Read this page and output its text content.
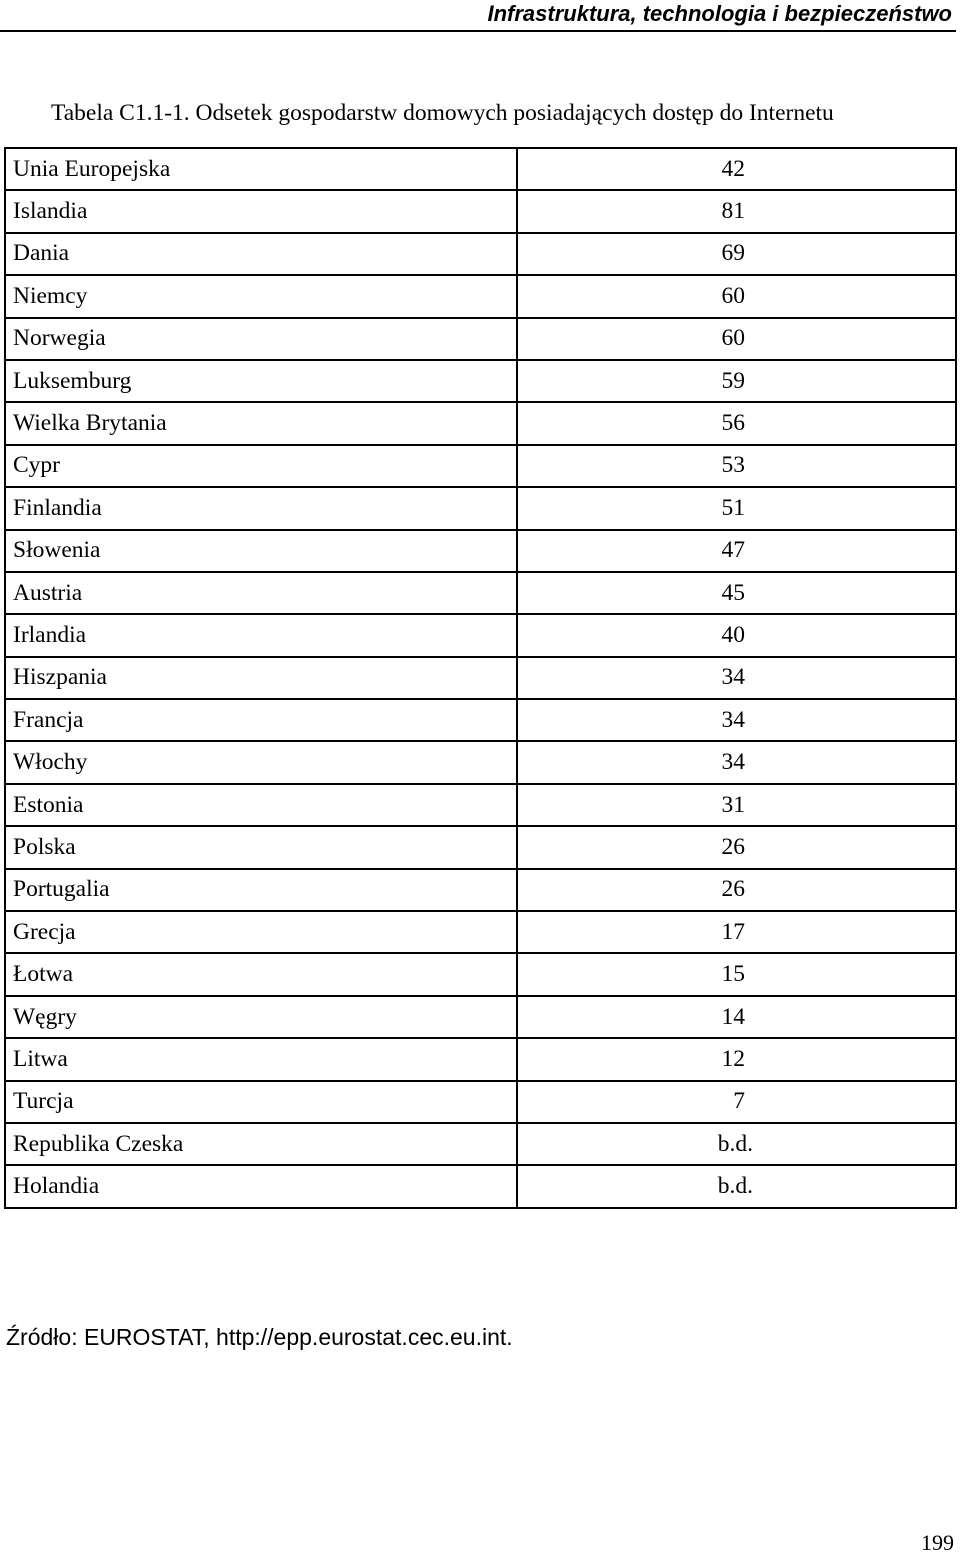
Infrastruktura, technologia i bezpieczeństwo
Tabela C1.1-1. Odsetek gospodarstw domowych posiadających dostęp do Internetu
Unia Europejska	42
Islandia	81
Dania	69
Niemcy	60
Norwegia	60
Luksemburg	59
Wielka Brytania	56
Cypr	53
Finlandia	51
Słowenia	47
Austria	45
Irlandia	40
Hiszpania	34
Francja	34
Włochy	34
Estonia	31
Polska	26
Portugalia	26
Grecja	17
Łotwa	15
Węgry	14
Litwa	12
Turcja	7
Republika Czeska	b.d.
Holandia	b.d.
Źródło: EUROSTAT, http://epp.eurostat.cec.eu.int.
199
